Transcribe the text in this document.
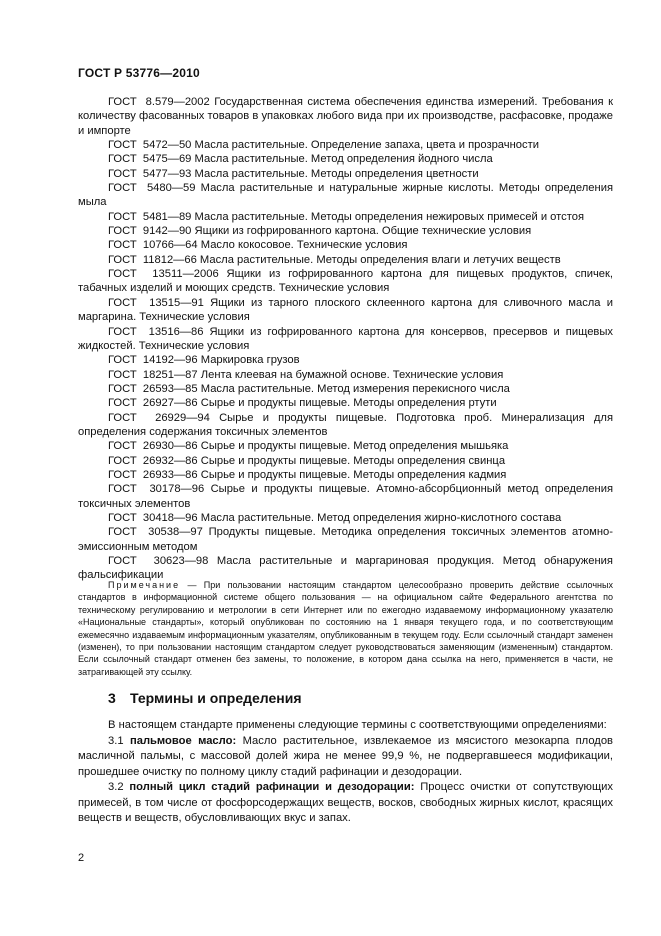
ГОСТ Р 53776—2010

ГОСТ  8.579—2002 Государственная система обеспечения единства измерений. Требования к количеству фасованных товаров в упаковках любого вида при их производстве, расфасовке, продаже и импорте

ГОСТ  5472—50 Масла растительные. Определение запаха, цвета и прозрачности

ГОСТ  5475—69 Масла растительные. Метод определения йодного числа

ГОСТ  5477—93 Масла растительные. Методы определения цветности

ГОСТ  5480—59 Масла растительные и натуральные жирные кислоты. Методы определения мыла

ГОСТ  5481—89 Масла растительные. Методы определения нежировых примесей и отстоя

ГОСТ  9142—90 Ящики из гофрированного картона. Общие технические условия

ГОСТ  10766—64 Масло кокосовое. Технические условия

ГОСТ  11812—66 Масла растительные. Методы определения влаги и летучих веществ

ГОСТ  13511—2006 Ящики из гофрированного картона для пищевых продуктов, спичек, табачных изделий и моющих средств. Технические условия

ГОСТ  13515—91 Ящики из тарного плоского склеенного картона для сливочного масла и маргарина. Технические условия

ГОСТ  13516—86 Ящики из гофрированного картона для консервов, пресервов и пищевых жидкостей. Технические условия

ГОСТ  14192—96 Маркировка грузов

ГОСТ  18251—87 Лента клеевая на бумажной основе. Технические условия

ГОСТ  26593—85 Масла растительные. Метод измерения перекисного числа

ГОСТ  26927—86 Сырье и продукты пищевые. Методы определения ртути

ГОСТ  26929—94 Сырье и продукты пищевые. Подготовка проб. Минерализация для определения содержания токсичных элементов

ГОСТ  26930—86 Сырье и продукты пищевые. Метод определения мышьяка

ГОСТ  26932—86 Сырье и продукты пищевые. Методы определения свинца

ГОСТ  26933—86 Сырье и продукты пищевые. Методы определения кадмия

ГОСТ  30178—96 Сырье и продукты пищевые. Атомно-абсорбционный метод определения токсичных элементов

ГОСТ  30418—96 Масла растительные. Метод определения жирно-кислотного состава

ГОСТ  30538—97 Продукты пищевые. Методика определения токсичных элементов атомно-эмиссионным методом

ГОСТ  30623—98 Масла растительные и маргариновая продукция. Метод обнаружения фальсификации

Примечание — При пользовании настоящим стандартом целесообразно проверить действие ссылочных стандартов в информационной системе общего пользования — на официальном сайте Федерального агентства по техническому регулированию и метрологии в сети Интернет или по ежегодно издаваемому информационному указателю «Национальные стандарты», который опубликован по состоянию на 1 января текущего года, и по соответствующим ежемесячно издаваемым информационным указателям, опубликованным в текущем году. Если ссылочный стандарт заменен (изменен), то при пользовании настоящим стандартом следует руководствоваться заменяющим (измененным) стандартом. Если ссылочный стандарт отменен без замены, то положение, в котором дана ссылка на него, применяется в части, не затрагивающей эту ссылку.

3 Термины и определения

В настоящем стандарте применены следующие термины с соответствующими определениями:

3.1 пальмовое масло: Масло растительное, извлекаемое из мясистого мезокарпа плодов масличной пальмы, с массовой долей жира не менее 99,9 %, не подвергавшееся модификации, прошедшее очистку по полному циклу стадий рафинации и дезодорации.

3.2 полный цикл стадий рафинации и дезодорации: Процесс очистки от сопутствующих примесей, в том числе от фосфорсодержащих веществ, восков, свободных жирных кислот, красящих веществ и веществ, обусловливающих вкус и запах.

2
